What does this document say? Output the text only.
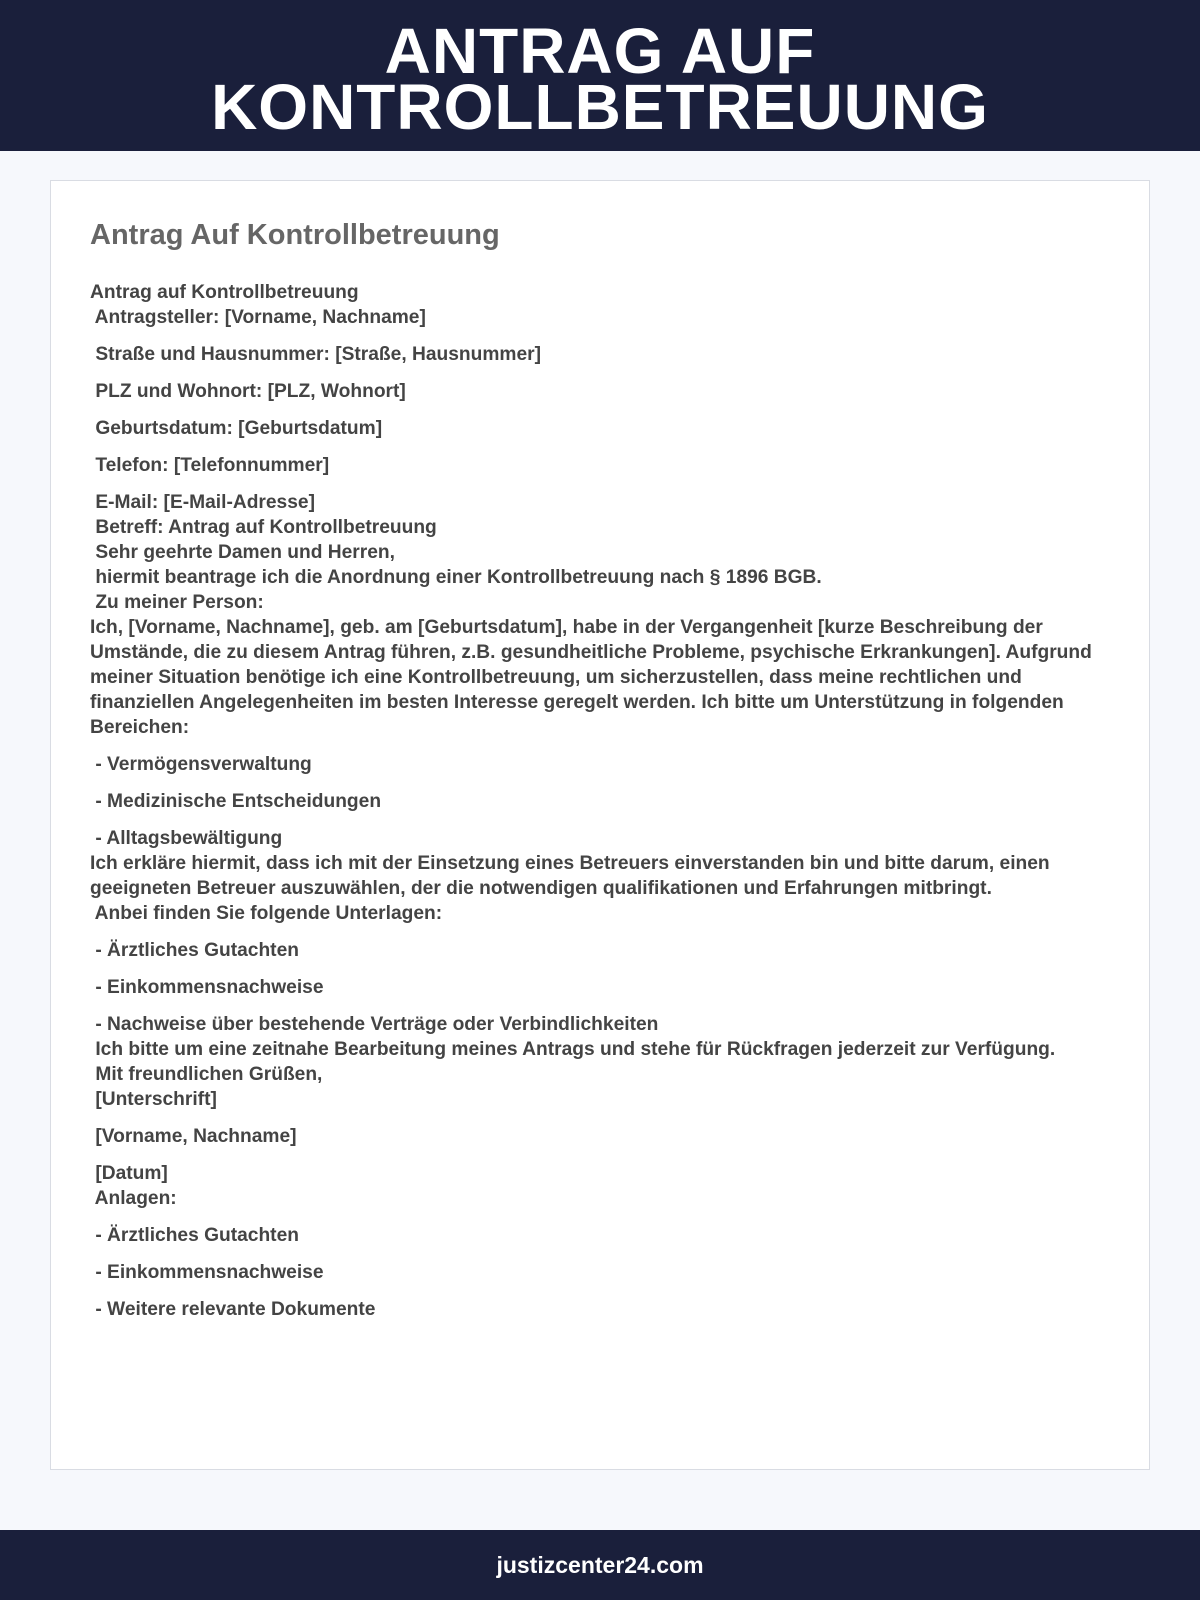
ANTRAG AUF KONTROLLBETREUUNG
Antrag Auf Kontrollbetreuung
Antrag auf Kontrollbetreuung
Antragsteller: [Vorname, Nachname]
Straße und Hausnummer: [Straße, Hausnummer]
PLZ und Wohnort: [PLZ, Wohnort]
Geburtsdatum: [Geburtsdatum]
Telefon: [Telefonnummer]
E-Mail: [E-Mail-Adresse]
Betreff: Antrag auf Kontrollbetreuung
Sehr geehrte Damen und Herren,
hiermit beantrage ich die Anordnung einer Kontrollbetreuung nach § 1896 BGB.
Zu meiner Person:
Ich, [Vorname, Nachname], geb. am [Geburtsdatum], habe in der Vergangenheit [kurze Beschreibung der Umstände, die zu diesem Antrag führen, z.B. gesundheitliche Probleme, psychische Erkrankungen]. Aufgrund meiner Situation benötige ich eine Kontrollbetreuung, um sicherzustellen, dass meine rechtlichen und finanziellen Angelegenheiten im besten Interesse geregelt werden. Ich bitte um Unterstützung in folgenden Bereichen:
- Vermögensverwaltung
- Medizinische Entscheidungen
- Alltagsbewältigung
Ich erkläre hiermit, dass ich mit der Einsetzung eines Betreuers einverstanden bin und bitte darum, einen geeigneten Betreuer auszuwählen, der die notwendigen qualifikationen und Erfahrungen mitbringt.
Anbei finden Sie folgende Unterlagen:
- Ärztliches Gutachten
- Einkommensnachweise
- Nachweise über bestehende Verträge oder Verbindlichkeiten
Ich bitte um eine zeitnahe Bearbeitung meines Antrags und stehe für Rückfragen jederzeit zur Verfügung.
Mit freundlichen Grüßen,
[Unterschrift]
[Vorname, Nachname]
[Datum]
Anlagen:
- Ärztliches Gutachten
- Einkommensnachweise
- Weitere relevante Dokumente
justizcenter24.com
